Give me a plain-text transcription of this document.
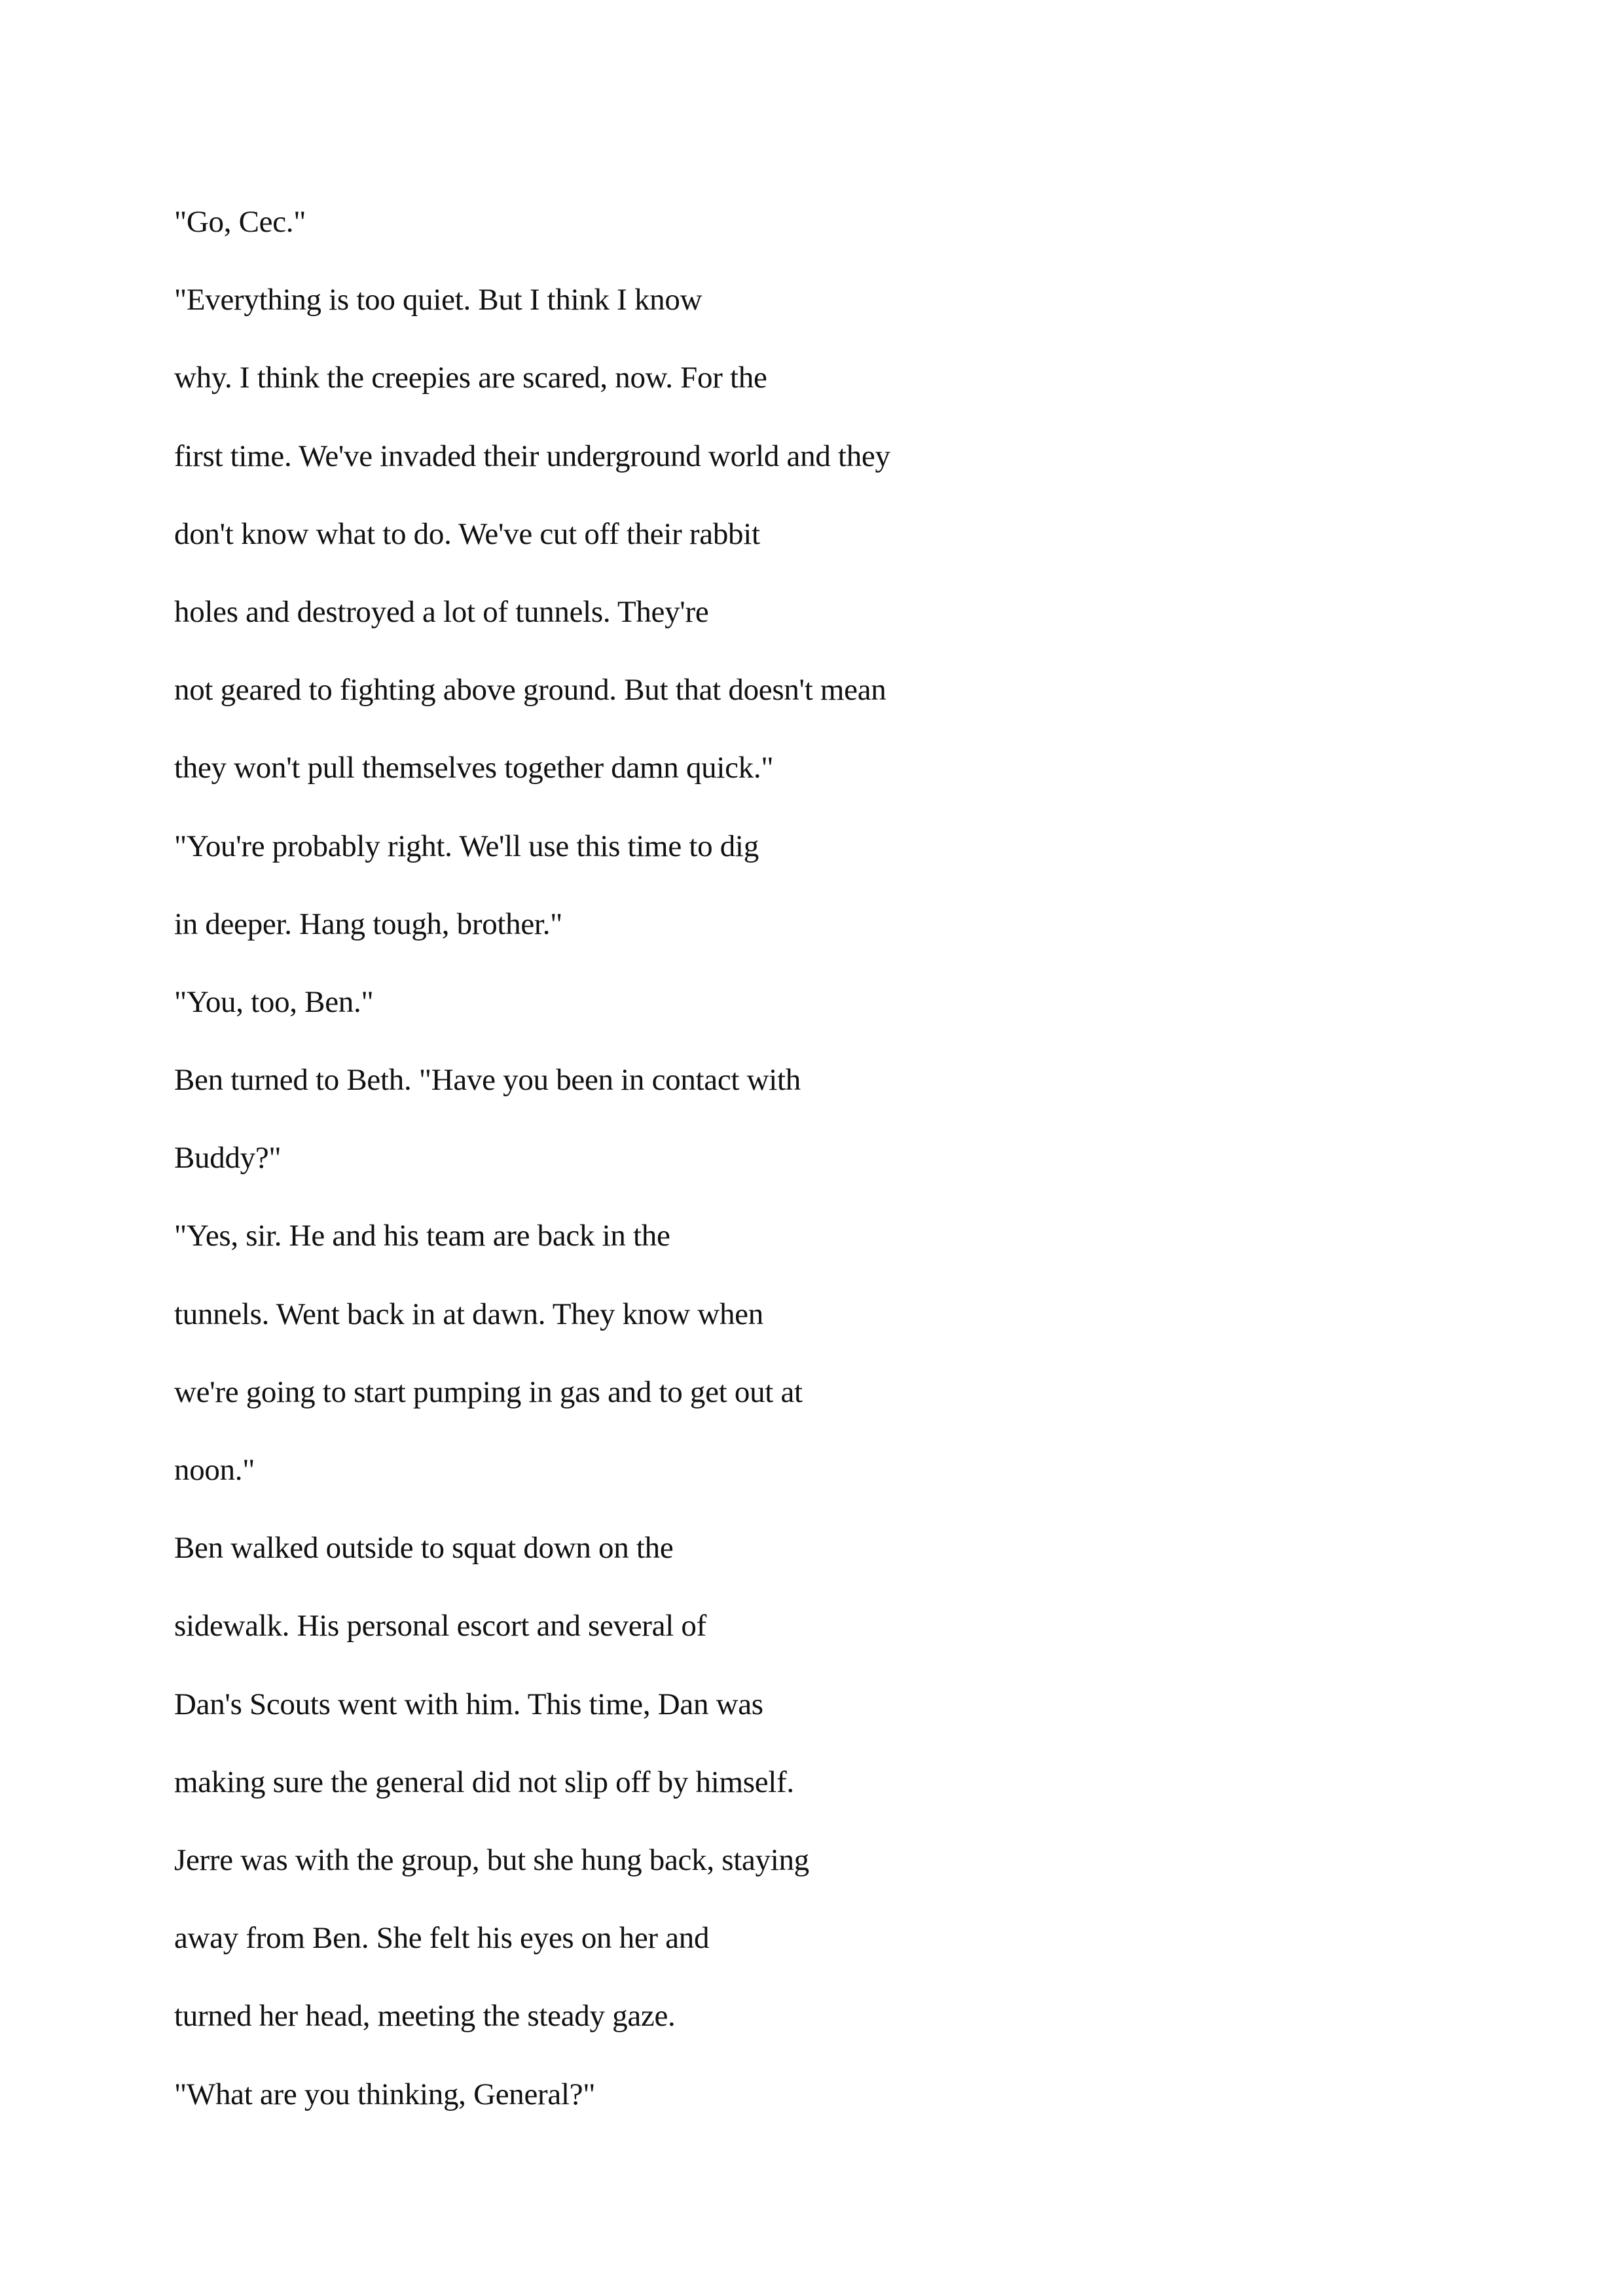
"Go, Cec."
"Everything is too quiet. But I think I know
why. I think the creepies are scared, now. For the
first time. We've invaded their underground world and they
don't know what to do. We've cut off their rabbit
holes and destroyed a lot of tunnels. They're
not geared to fighting above ground. But that doesn't mean
they won't pull themselves together damn quick."
"You're probably right. We'll use this time to dig
in deeper. Hang tough, brother."
"You, too, Ben."
Ben turned to Beth. "Have you been in contact with
Buddy?"
"Yes, sir. He and his team are back in the
tunnels. Went back in at dawn. They know when
we're going to start pumping in gas and to get out at
noon."
Ben walked outside to squat down on the
sidewalk. His personal escort and several of
Dan's Scouts went with him. This time, Dan was
making sure the general did not slip off by himself.
Jerre was with the group, but she hung back, staying
away from Ben. She felt his eyes on her and
turned her head, meeting the steady gaze.
"What are you thinking, General?"
